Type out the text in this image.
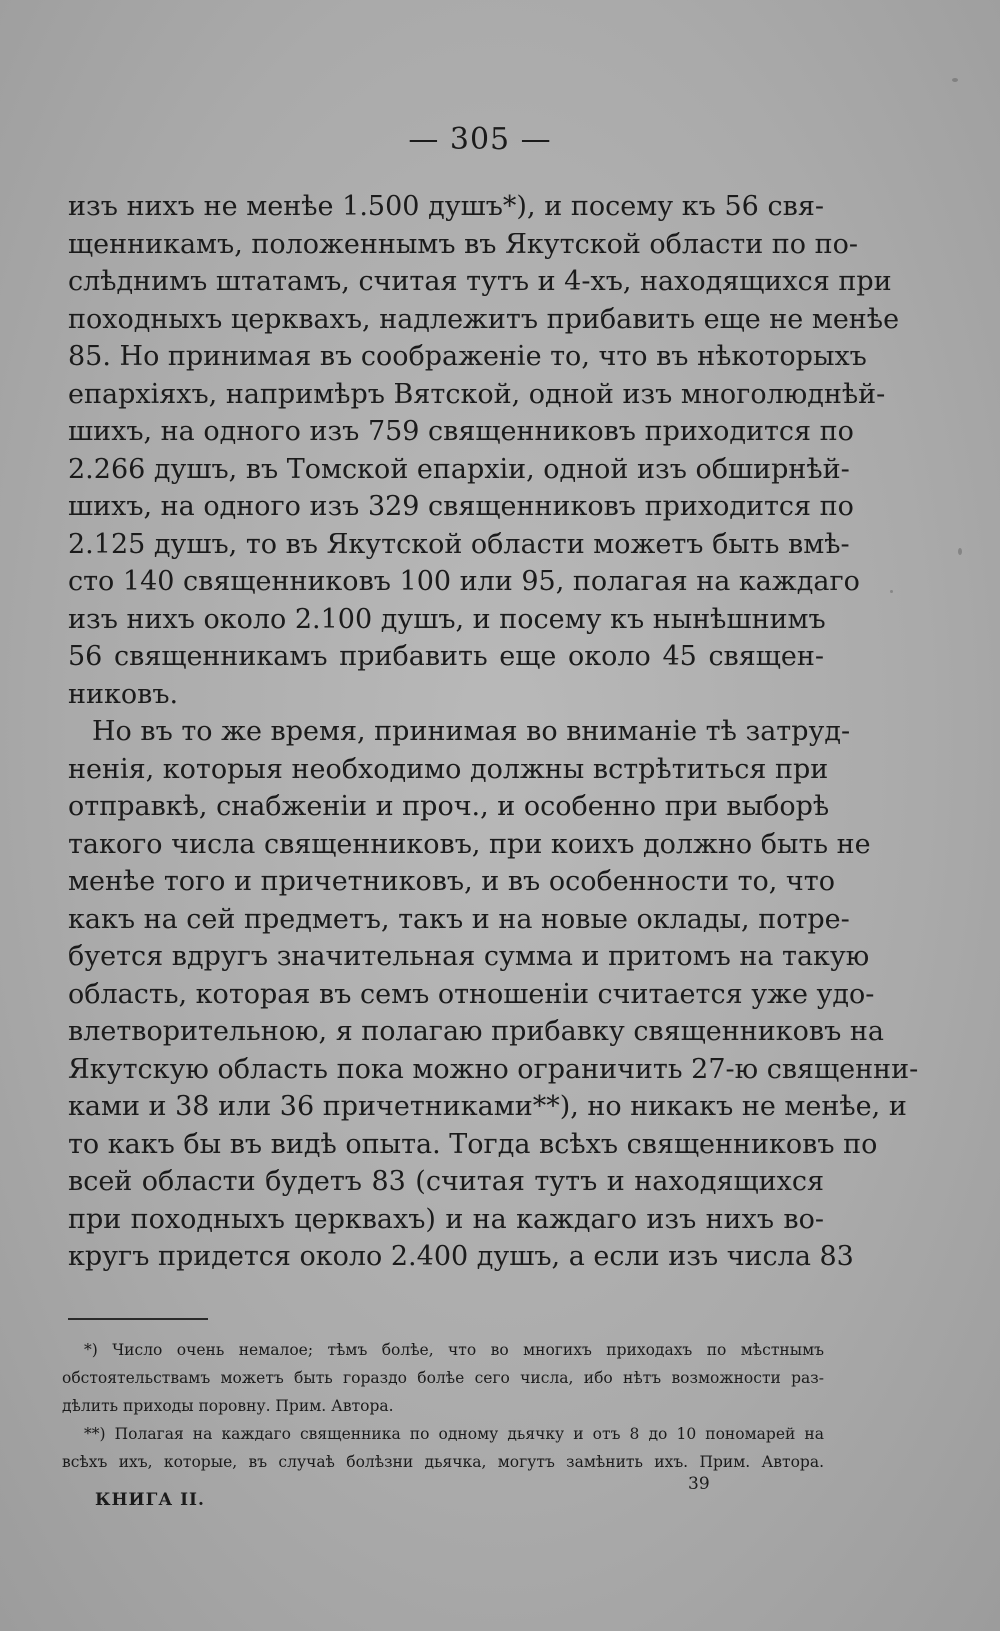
— 305 —
изъ нихъ не менѣе 1.500 душъ*), и посему къ 56 свя-
щенникамъ, положеннымъ въ Якутской области по по-
слѣднимъ штатамъ, считая тутъ и 4-хъ, находящихся при
походныхъ церквахъ, надлежитъ прибавить еще не менѣе
85. Но принимая въ соображеніе то, что въ нѣкоторыхъ
епархіяхъ, напримѣръ Вятской, одной изъ многолюднѣй-
шихъ, на одного изъ 759 священниковъ приходится по
2.266 душъ, въ Томской епархіи, одной изъ обширнѣй-
шихъ, на одного изъ 329 священниковъ приходится по
2.125 душъ, то въ Якутской области можетъ быть вмѣ-
сто 140 священниковъ 100 или 95, полагая на каждаго
изъ нихъ около 2.100 душъ, и посему къ нынѣшнимъ
56 священникамъ прибавить еще около 45 священ-
никовъ.
Но въ то же время, принимая во вниманіе тѣ затруд-
ненія, которыя необходимо должны встрѣтиться при
отправкѣ, снабженіи и проч., и особенно при выборѣ
такого числа священниковъ, при коихъ должно быть не
менѣе того и причетниковъ, и въ особенности то, что
какъ на сей предметъ, такъ и на новые оклады, потре-
буется вдругъ значительная сумма и притомъ на такую
область, которая въ семъ отношеніи считается уже удо-
влетворительною, я полагаю прибавку священниковъ на
Якутскую область пока можно ограничить 27-ю священни-
ками и 38 или 36 причетниками**), но никакъ не менѣе, и
то какъ бы въ видѣ опыта. Тогда всѣхъ священниковъ по
всей области будетъ 83 (считая тутъ и находящихся
при походныхъ церквахъ) и на каждаго изъ нихъ во-
кругъ придется около 2.400 душъ, а если изъ числа 83
*) Число очень немалое; тѣмъ болѣе, что во многихъ приходахъ по мѣстнымъ
обстоятельствамъ можетъ быть гораздо болѣе сего числа, ибо нѣтъ возможности раз-
дѣлить приходы поровну. Прим. Автора.
**) Полагая на каждаго священника по одному дьячку и отъ 8 до 10 пономарей на
всѣхъ ихъ, которые, въ случаѣ болѣзни дьячка, могутъ замѣнить ихъ. Прим. Автора.
39
КНИГА II.
